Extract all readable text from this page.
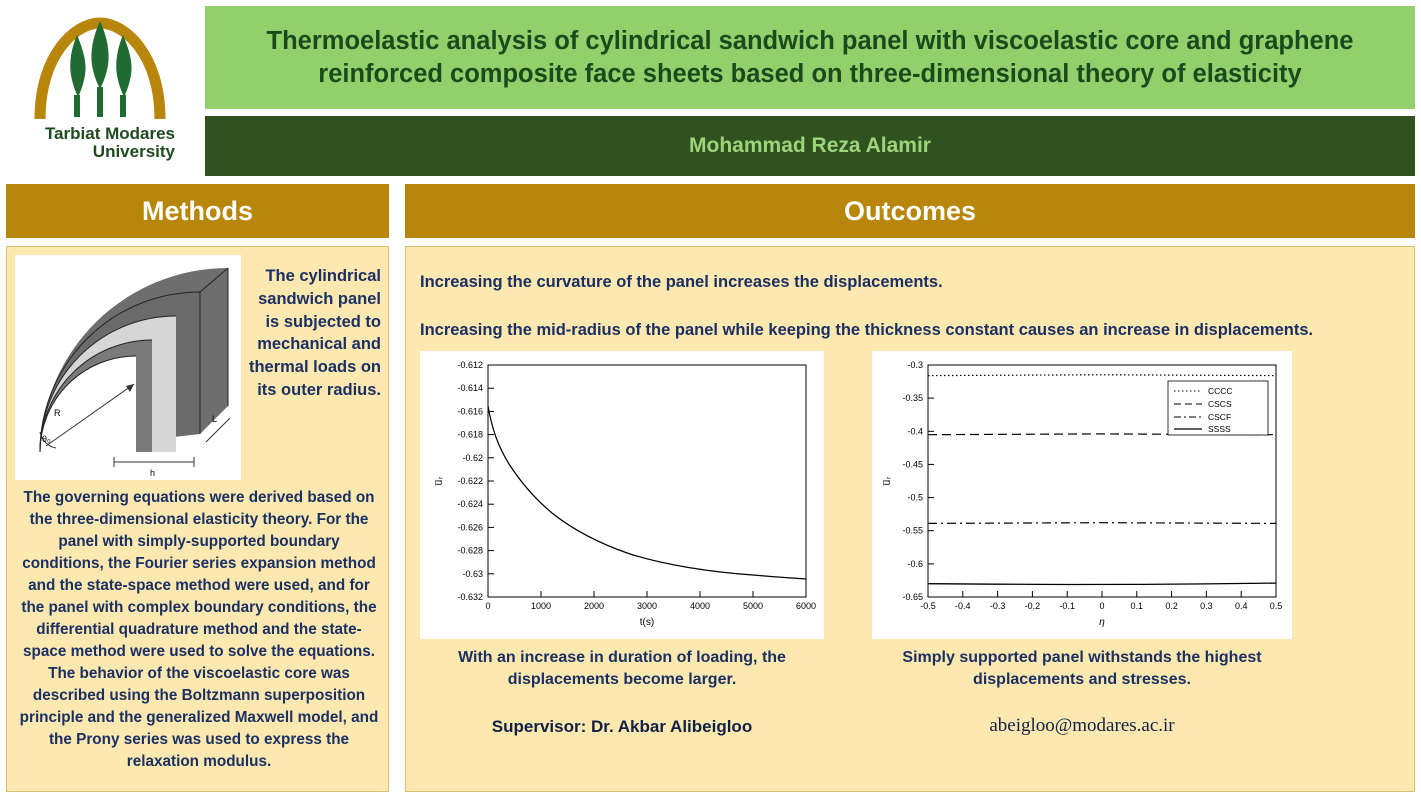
Tarbiat Modares
University
Thermoelastic analysis of cylindrical sandwich panel with viscoelastic core and graphene reinforced composite face sheets based on three-dimensional theory of elasticity
Mohammad Reza Alamir
Methods	Outcomes
R
θ₀
L
h
The cylindrical sandwich panel is subjected to mechanical and thermal loads on its outer radius.
The governing equations were derived based on the three-dimensional elasticity theory. For the panel with simply-supported boundary conditions, the Fourier series expansion method and the state-space method were used, and for the panel with complex boundary conditions, the differential quadrature method and the state-space method were used to solve the equations. The behavior of the viscoelastic core was described using the Boltzmann superposition principle and the generalized Maxwell model, and the Prony series was used to express the relaxation modulus.
Increasing the curvature of the panel increases the displacements.
Increasing the mid-radius of the panel while keeping the thickness constant causes an increase in displacements.
-0.632
-0.63
-0.628
-0.626
-0.624
-0.622
-0.62
-0.618
-0.616
-0.614
-0.612
0	1000	2000	3000	4000	5000	6000
t(s)
u̅ ᵣ
-0.65
-0.6
-0.55
-0.5
-0.45
-0.4
-0.35
-0.3
-0.5 -0.4 -0.3 -0.2 -0.1	0	0.1 0.2 0.3 0.4 0.5
η
u̅ ᵣ
CCCC
CSCS
CSCF
SSSS
With an increase in duration of loading, the displacements become larger.
Simply supported panel withstands the highest displacements and stresses.
Supervisor: Dr. Akbar Alibeigloo	abeigloo@modares.ac.ir
